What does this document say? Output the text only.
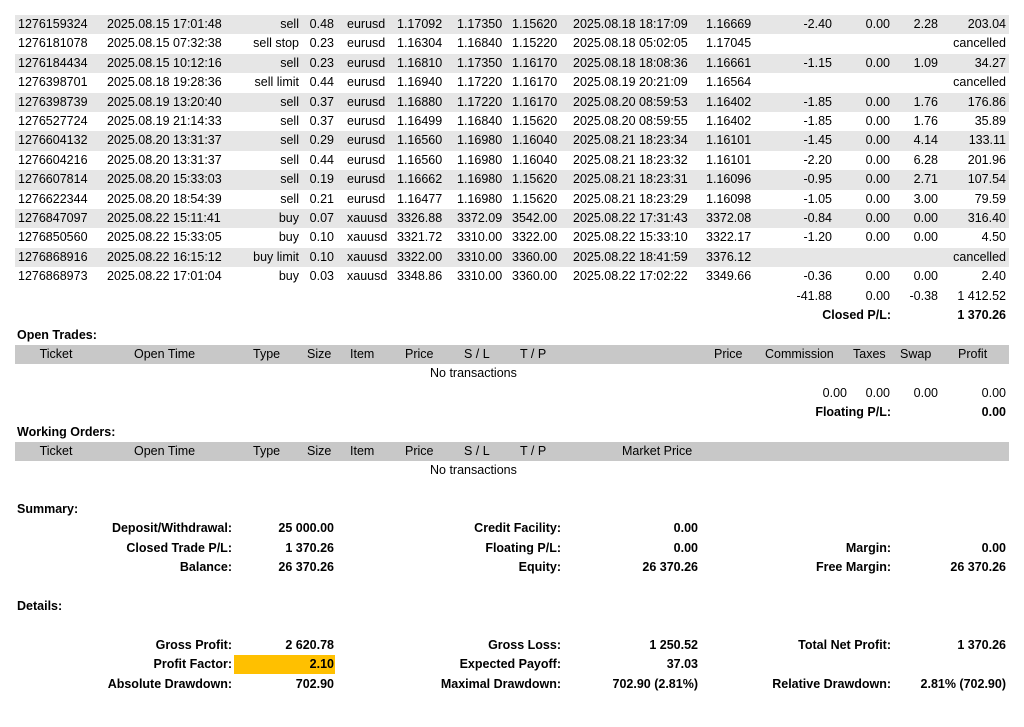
1276159324 2025.08.15 17:01:48	sell 0.48 eurusd 1.17092 1.17350 1.15620 2025.08.18 18:17:09 1.16669	-2.40	0.00 2.28 203.04
1276181078 2025.08.15 07:32:38	sell stop 0.23 eurusd 1.16304 1.16840 1.15220 2025.08.18 05:02:05 1.17045	cancelled
1276184434 2025.08.15 10:12:16	sell 0.23 eurusd 1.16810 1.17350 1.16170 2025.08.18 18:08:36 1.16661	-1.15	0.00 1.09	34.27
1276398701 2025.08.18 19:28:36	sell limit 0.44 eurusd 1.16940 1.17220 1.16170 2025.08.19 20:21:09 1.16564	cancelled
1276398739 2025.08.19 13:20:40	sell 0.37 eurusd 1.16880 1.17220 1.16170 2025.08.20 08:59:53 1.16402	-1.85	0.00 1.76 176.86
1276527724 2025.08.19 21:14:33	sell 0.37 eurusd 1.16499 1.16840 1.15620 2025.08.20 08:59:55 1.16402	-1.85	0.00 1.76	35.89
1276604132 2025.08.20 13:31:37	sell 0.29 eurusd 1.16560 1.16980 1.16040 2025.08.21 18:23:34 1.16101	-1.45	0.00 4.14 133.11
1276604216 2025.08.20 13:31:37	sell 0.44 eurusd 1.16560 1.16980 1.16040 2025.08.21 18:23:32 1.16101	-2.20	0.00 6.28 201.96
1276607814 2025.08.20 15:33:03	sell 0.19 eurusd 1.16662 1.16980 1.15620 2025.08.21 18:23:31 1.16096	-0.95	0.00 2.71 107.54
1276622344 2025.08.20 18:54:39	sell 0.21 eurusd 1.16477 1.16980 1.15620 2025.08.21 18:23:29 1.16098	-1.05	0.00 3.00	79.59
1276847097 2025.08.22 15:11:41	buy 0.07 xauusd 3326.88 3372.09 3542.00 2025.08.22 17:31:43 3372.08	-0.84	0.00 0.00 316.40
1276850560 2025.08.22 15:33:05	buy 0.10 xauusd 3321.72 3310.00 3322.00 2025.08.22 15:33:10 3322.17	-1.20	0.00 0.00	4.50
1276868916 2025.08.22 16:15:12	buy limit 0.10 xauusd 3322.00 3310.00 3360.00 2025.08.22 18:41:59 3376.12	cancelled
1276868973 2025.08.22 17:01:04	buy 0.03 xauusd 3348.86 3310.00 3360.00 2025.08.22 17:02:22 3349.66	-0.36	0.00 0.00	2.40
-41.88	0.00 -0.38 1 412.52
Closed P/L:	1 370.26
Open Trades:
Ticket	Open Time	Type Size Item Price S / L T / P	Price Commission Taxes Swap Profit
No transactions
0.00 0.00 0.00	0.00
Floating P/L:	0.00
Working Orders:
Ticket	Open Time	Type Size Item Price S / L T / P	Market Price
No transactions
Summary:
Deposit/Withdrawal:	25 000.00
Closed Trade P/L:	1 370.26
Balance:	26 370.26
Credit Facility:	0.00
Floating P/L:	0.00
Equity:	26 370.26
Margin:	0.00
Free Margin:	26 370.26
Details:
Gross Profit:	2 620.78
Profit Factor:	2.10
Absolute Drawdown:	702.90
Gross Loss:	1 250.52
Expected Payoff:	37.03
Maximal Drawdown:	702.90 (2.81%)
Total Net Profit:	1 370.26
Relative Drawdown: 2.81% (702.90)
